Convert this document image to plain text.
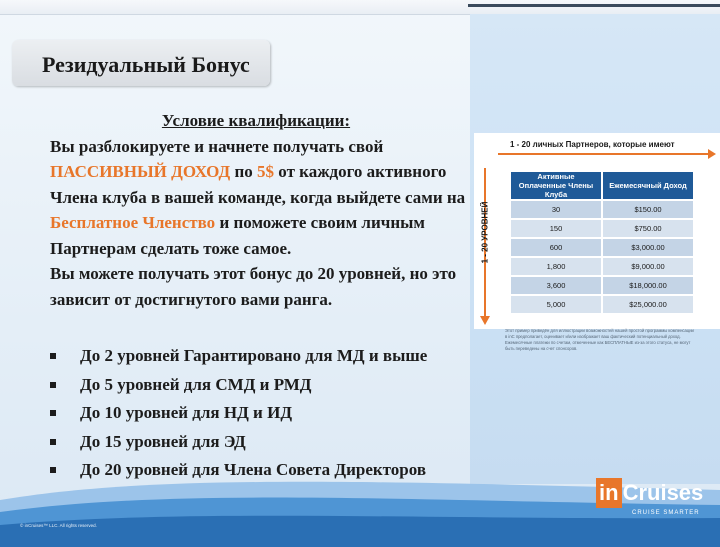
Резидуальный Бонус
Условие квалификации:
Вы разблокируете и начнете получать свой ПАССИВНЫЙ ДОХОД по 5$ от каждого активного Члена клуба в вашей команде, когда выйдете сами на Бесплатное Членство и поможете своим личным Партнерам сделать тоже самое.
Вы можете получать этот бонус до 20 уровней, но это зависит от достигнутого вами ранга.
До 2 уровней Гарантировано для МД и выше
До 5 уровней для СМД и РМД
До 10 уровней для НД и ИД
До 15 уровней для ЭД
До 20 уровней для Члена Совета Директоров
1 - 20 личных Партнеров, которые имеют
1 - 20 УРОВНЕЙ
Активные Оплаченные Члены Клуба	Ежемесячный Доход
30	$150.00
150	$750.00
600	$3,000.00
1,800	$9,000.00
3,600	$18,000.00
5,000	$25,000.00
Этот пример приведён для иллюстрации возможностей нашей простой программы компенсации в inC предполагает, оценивает и/или изображает ваш фактический потенциальный доход. Ежемесячные платежи по счетам, отмеченные как БЕСПЛАТНЫЕ из-за этого статуса, не могут быть переведены на счет спонсоров.
in Cruises
CRUISE SMARTER
© inCruises™ LLC. All rights reserved.
